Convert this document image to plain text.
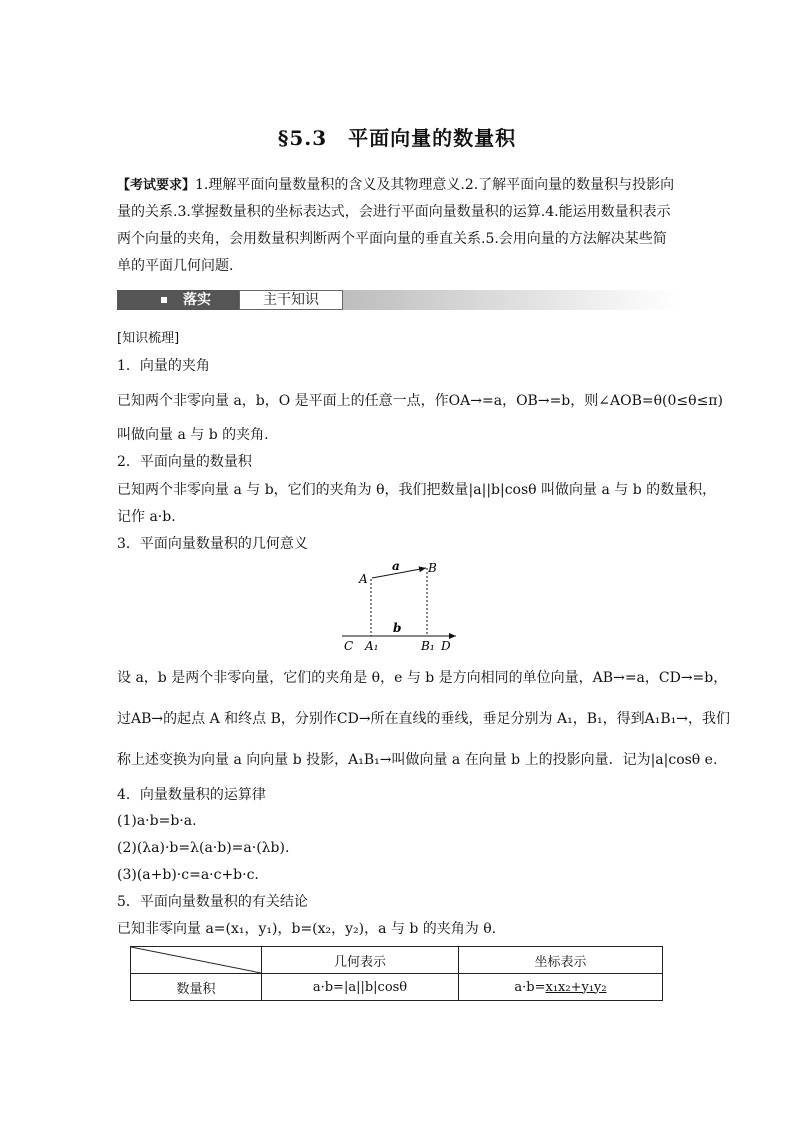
§5.3　平面向量的数量积
【考试要求】1.理解平面向量数量积的含义及其物理意义.2.了解平面向量的数量积与投影向量的关系.3.掌握数量积的坐标表达式，会进行平面向量数量积的运算.4.能运用数量积表示两个向量的夹角，会用数量积判断两个平面向量的垂直关系.5.会用向量的方法解决某些简单的平面几何问题.
落实	主干知识
[知识梳理]
1．向量的夹角
已知两个非零向量 a，b，O 是平面上的任意一点，作OA→=a，OB→=b，则∠AOB=θ(0≤θ≤π)
叫做向量 a 与 b 的夹角.
2．平面向量的数量积
已知两个非零向量 a 与 b，它们的夹角为 θ，我们把数量|a||b|cosθ 叫做向量 a 与 b 的数量积，
记作 a·b.
3．平面向量数量积的几何意义
A
B
a
b
C A₁	B₁ D
设 a，b 是两个非零向量，它们的夹角是 θ，e 与 b 是方向相同的单位向量，AB→=a，CD→=b，
过AB→的起点 A 和终点 B，分别作CD→所在直线的垂线，垂足分别为 A₁，B₁，得到A₁B₁→，我们
称上述变换为向量 a 向向量 b 投影，A₁B₁→叫做向量 a 在向量 b 上的投影向量．记为|a|cosθ e.
4．向量数量积的运算律
(1)a·b=b·a.
(2)(λa)·b=λ(a·b)=a·(λb).
(3)(a+b)·c=a·c+b·c.
5．平面向量数量积的有关结论
已知非零向量 a=(x₁，y₁)，b=(x₂，y₂)，a 与 b 的夹角为 θ.
	几何表示	坐标表示
数量积	a·b=|a||b|cosθ	a·b=x₁x₂+y₁y₂
